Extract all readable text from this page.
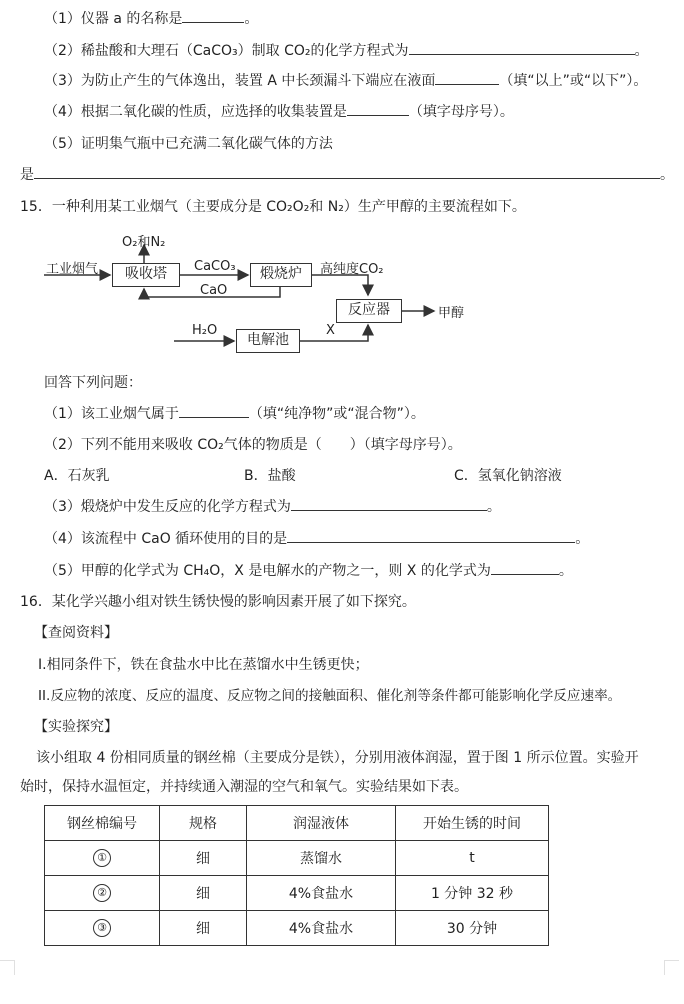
（1）仪器 a 的名称是	。
（2）稀盐酸和大理石（CaCO₃）制取 CO₂的化学方程式为	。
（3）为防止产生的气体逸出，装置 A 中长颈漏斗下端应在液面	（填“以上”或“以下”）。
（4）根据二氧化碳的性质，应选择的收集装置是	（填字母序号）。
（5）证明集气瓶中已充满二氧化碳气体的方法
是	。
15．一种利用某工业烟气（主要成分是 CO₂O₂和 N₂）生产甲醇的主要流程如下。
工业烟气	吸收塔
O₂和N₂
CaCO₃
CaO
煅烧炉	高纯度CO₂
反应器	甲醇
H₂O
电解池
X
回答下列问题：
（1）该工业烟气属于	（填“纯净物”或“混合物”）。
（2）下列不能用来吸收 CO₂气体的物质是（　　）（填字母序号）。
A．石灰乳	B．盐酸	C．氢氧化钠溶液
（3）煅烧炉中发生反应的化学方程式为	。
（4）该流程中 CaO 循环使用的目的是	。
（5）甲醇的化学式为 CH₄O，X 是电解水的产物之一，则 X 的化学式为	。
16．某化学兴趣小组对铁生锈快慢的影响因素开展了如下探究。
【查阅资料】
I.相同条件下，铁在食盐水中比在蒸馏水中生锈更快；
II.反应物的浓度、反应的温度、反应物之间的接触面积、催化剂等条件都可能影响化学反应速率。
【实验探究】
该小组取 4 份相同质量的钢丝棉（主要成分是铁），分别用液体润湿，置于图 1 所示位置。实验开
始时，保持水温恒定，并持续通入潮湿的空气和氧气。实验结果如下表。
钢丝棉编号	规格	润湿液体	开始生锈的时间
①	细	蒸馏水	t
②	细	4%食盐水	1 分钟 32 秒
③	细	4%食盐水	30 分钟
